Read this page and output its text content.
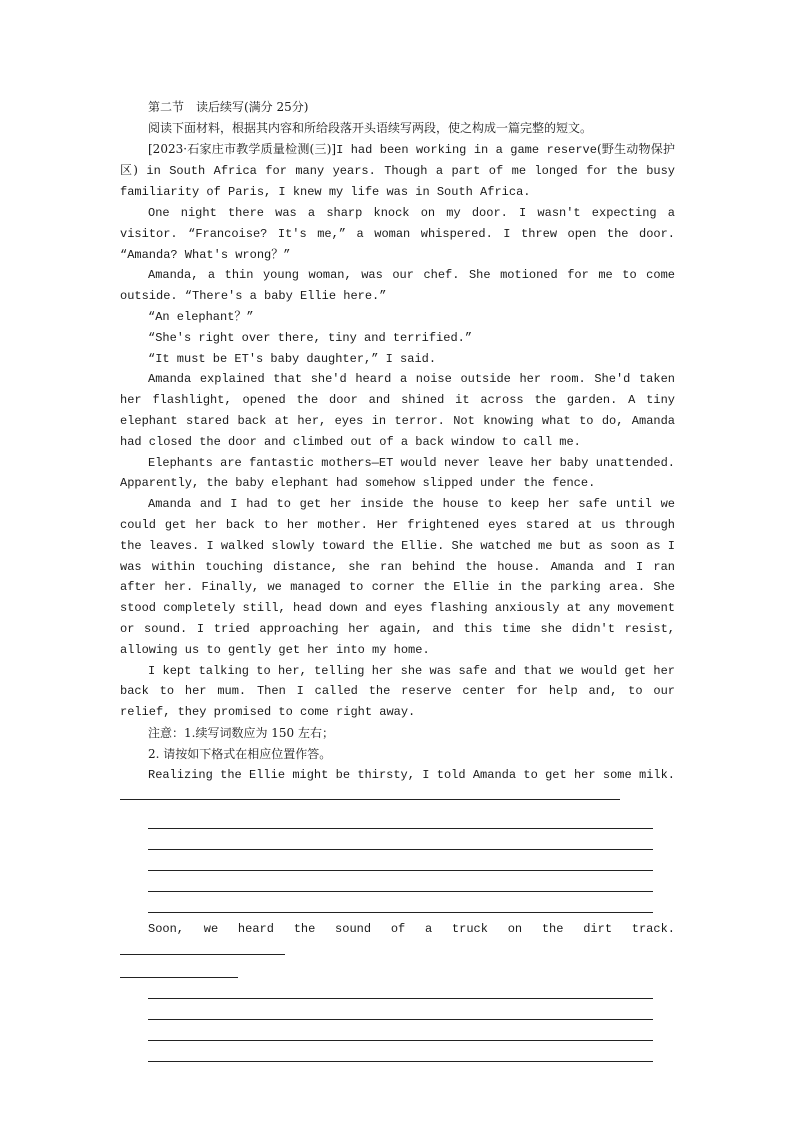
第二节　读后续写(满分 25分)

阅读下面材料，根据其内容和所给段落开头语续写两段，使之构成一篇完整的短文。

[2023·石家庄市教学质量检测(三)]I had been working in a game reserve(野生动物保护区) in South Africa for many years. Though a part of me longed for the busy familiarity of Paris, I knew my life was in South Africa.

One night there was a sharp knock on my door. I wasn't expecting a visitor. “Francoise? It's me,” a woman whispered. I threw open the door. “Amanda? What's wrong？”

Amanda, a thin young woman, was our chef. She motioned for me to come outside. “There's a baby Ellie here.”

“An elephant？”

“She's right over there, tiny and terrified.”

“It must be ET's baby daughter,” I said.

Amanda explained that she'd heard a noise outside her room. She'd taken her flashlight, opened the door and shined it across the garden. A tiny elephant stared back at her, eyes in terror. Not knowing what to do, Amanda had closed the door and climbed out of a back window to call me.

Elephants are fantastic mothers—ET would never leave her baby unattended. Apparently, the baby elephant had somehow slipped under the fence.

Amanda and I had to get her inside the house to keep her safe until we could get her back to her mother. Her frightened eyes stared at us through the leaves. I walked slowly toward the Ellie. She watched me but as soon as I was within touching distance, she ran behind the house. Amanda and I ran after her. Finally, we managed to corner the Ellie in the parking area. She stood completely still, head down and eyes flashing anxiously at any movement or sound. I tried approaching her again, and this time she didn't resist, allowing us to gently get her into my home.

I kept talking to her, telling her she was safe and that we would get her back to her mum. Then I called the reserve center for help and, to our relief, they promised to come right away.

注意：1.续写词数应为 150 左右；

2. 请按如下格式在相应位置作答。

Realizing the Ellie might be thirsty, I told Amanda to get her some milk.

Soon, we heard the sound of a truck on the dirt track.
